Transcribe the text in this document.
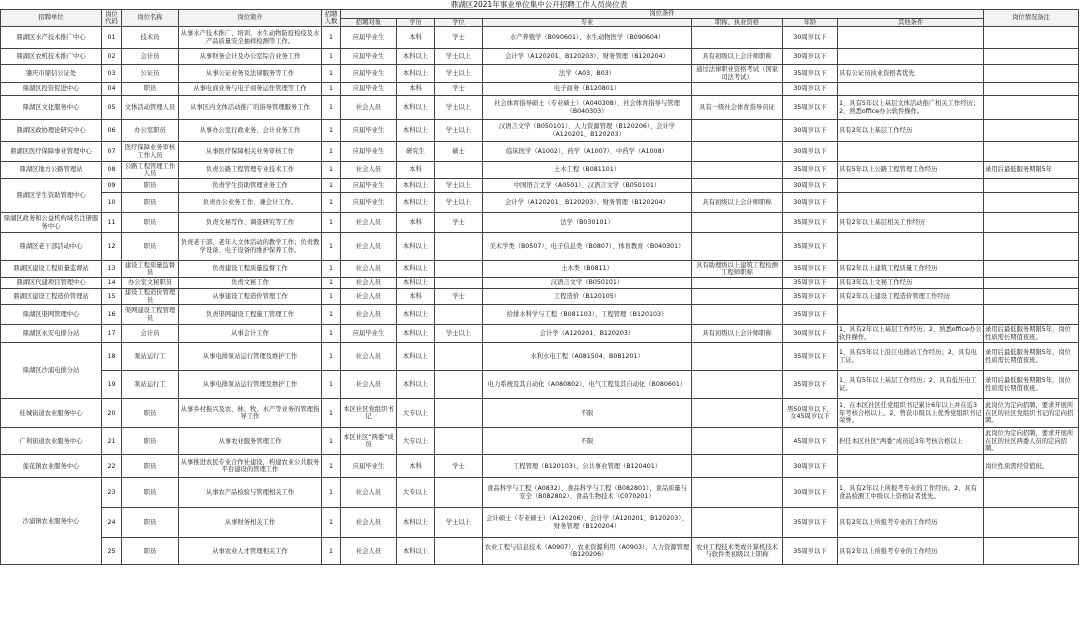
鼎湖区2021年事业单位集中公开招聘工作人员岗位表
招聘单位	岗位代码	岗位名称	岗位简介	招聘人数	岗位条件							岗位情况备注
					招聘对象	学历	学位	专业	职称、执业资格	年龄	其他条件	
鼎湖区水产技术推广中心	01	技术员	从事水产技术推广、培训、水生动物防疫检疫及水产品质量安全抽样检测等工作。	1	应届毕业生	本科	学士	水产养殖学（B090601）、水生动物医学（B090604）		30周岁以下		
鼎湖区农机技术推广中心	02	会计员	从事财务会计及办公室综合业务工作	1	应届毕业生	本科以上	学士以上	会计学（A120201、B120203）、财务管理（B120204）	具有初级以上会计师职称	30周岁以下		
肇庆市鼎信公证处	03	公证员	从事公证业务及法律服务等工作	1	应届毕业生	本科以上	学士以上	法学（A03、B03）	通过法律职业资格考试（国家司法考试）	35周岁以下	具有公证员执业资格者优先	
鼎湖区投资促进中心	04	职员	从事电商业务与电子商务运作管理等工作	1	应届毕业生	本科	学士	电子商务（B120801）		30周岁以下		
鼎湖区文化服务中心	05	文体活动管理人员	从事区内文体活动推广的指导管理服务工作	1	社会人员	本科以上	学士以上	社会体育指导硕士（专业硕士）（A040308）、社会体育指导与管理（B040303）	具有一级社会体育指导员证	35周岁以下	1、具有5年以上基层文体活动推广相关工作经历；2、熟悉office办公软件操作。	
鼎湖区政协理论研究中心	06	办公室职员	从事办公室行政业务、会计业务工作	1	应届毕业生	本科以上	学士以上	汉语言文学（B050101）、人力资源管理（B120206）、会计学（A120201、B120203）		30周岁以下	具有2年以上基层工作经历	
鼎湖区医疗保障事业管理中心	07	医疗保障业务审核工作人员	从事医疗保障相关业务审核工作	1	应届毕业生	研究生	硕士	临床医学（A1002）、药学（A1007）、中药学（A1008）		30周岁以下		
鼎湖区地方公路管理站	08	公路工程管理工作人员	负责公路工程管理专业技术工作	1	社会人员	本科		土木工程（B081101）		35周岁以下	具有5年以上公路工程管理工作经历	录用后最低服务期限5年
鼎湖区学生资助管理中心	09	职员	负责学生资助管理业务工作	1	应届毕业生	本科以上	学士以上	中国语言文学（A0501）、汉语言文学（B050101）		30周岁以下		
	10	职员	负责办公业务工作、兼会计工作。	1	应届毕业生	本科以上	学士以上	会计学（A120201、B120203）、财务管理（B120204）	具有初级以上会计师职称	30周岁以下		
鼎湖区政务和公益机构域名注册服务中心	11	职员	负责文秘写作、调查研究等工作	1	社会人员	本科	学士	法学（B030101）		35周岁以下	具有2年以上基层相关工作经历	
鼎湖区老干部活动中心	12	职员	负责老干部、老年人文体活动的教学工作；负责教学设备、电子设备的维护保养工作。	1	社会人员	本科以上		美术学类（B0507）、电子信息类（B0807）、体育教育（B040301）		35周岁以下		
鼎湖区建设工程质量监督站	13	建设工程质量监督员	负责建设工程质量监督工作	1	社会人员	本科以上		土木类（B0811）	具有助理级以上建筑工程检测工程师职称	35周岁以下	具有2年以上建筑工程质量工作经历	
鼎湖区代建项目管理中心	14	办公室文秘职员	负责文秘工作	1	社会人员	本科以上		汉语言文学（B050101）		35周岁以下	具有3年以上文秘工作经历	
鼎湖区建设工程造价管理站	15	建设工程造价管理员	从事建设工程造价管理工作	1	社会人员	本科	学士	工程造价（B120105）		35周岁以下	具有2年以上建设工程造价管理工作经历	
鼎湖区渠网管理中心	16	渠网建设工程管理员	负责渠网建设工程施工管理工作	1	社会人员	本科以上		给排水科学与工程（B081103）、工程管理（B120103）		35周岁以下		
鼎湖区永安电排分站	17	会计员	从事会计工作	1	应届毕业生	本科以上	学士以上	会计学（A120201、B120203）	具有初级以上会计师职称	30周岁以下	1、具有2年以上基层工作经历；2、熟悉office办公软件操作。	录用后最低服务期限5年，岗位性质需长期值夜班。
鼎湖区沙浦电排分站	18	泵站运行工	从事电排泵站运行管理及维护工作	1	社会人员	本科以上		水利水电工程（A081504、B081201）		35周岁以下	1、具有5年以上沿江电排站工作经历；2、具有电工证。	录用后最低服务期限5年，岗位性质需长期值夜班。
	19	泵站运行工	从事电排泵站运行管理及维护工作	1	社会人员	本科以上		电力系统及其自动化（A080802）、电气工程及其自动化（B080601）		35周岁以下	1、具有5年以上基层工作经历；2、具有低压电工证。	录用后最低服务期限5年，岗位性质需长期值夜班。
桂城街道农业服务中心	20	职员	从事乡村振兴及农、林、牧、水产等业务的管理指导工作	1	本区社区党组织书记	大专以上		不限		男50周岁以下，女45周岁以下	1、在本区社区任党组织书记累计6年以上并在近3年考核合格以上。2、曾获市级以上优秀党组织书记荣誉。	此岗位为定向招聘，要求开展所在区的社区党组织书记的定向招聘。
广利街道农业服务中心	21	职员	从事农业服务管理工作	1	本区社区“两委”成员	大专以上		不限		45周岁以下	担任本区社区“两委”成员近3年考核合格以上	此岗位为定向招聘，要求开展所在区的社区两委人员的定向招聘。
莲花镇农业服务中心	22	职员	从事推进农民专业合作社建设，构建农业公共服务平台建设的管理工作	1	应届毕业生	本科	学士	工程管理（B120103）、公共事业管理（B120401）		30周岁以下		岗位性质需经常值班。
沙浦镇农业服务中心	23	职员	从事农产品检验与管理相关工作	1	社会人员	大专以上		食品科学与工程（A0832）、食品科学与工程（B082801）、食品质量与安全（B082802）、食品生物技术（C070201）		30周岁以下	1、具有2年以上所报考专业的工作经历。2、具有食品检测工中级以上资格证者优先。	
	24	职员	从事财务相关工作	1	社会人员	本科以上	学士以上	会计硕士（专业硕士）（A120206）、会计学（A120201、B120203）、财务管理（B120204）		35周岁以下	具有2年以上所报考专业的工作经历	
	25	职员	从事农业人才管理相关工作	1	社会人员	本科以上		农业工程与信息技术（A0907）、农业资源利用（A0903）、人力资源管理（B120206）	农业工程技术类或计算机技术与软件类初级以上职称	35周岁以下	具有2年以上所报考专业的工作经历	
